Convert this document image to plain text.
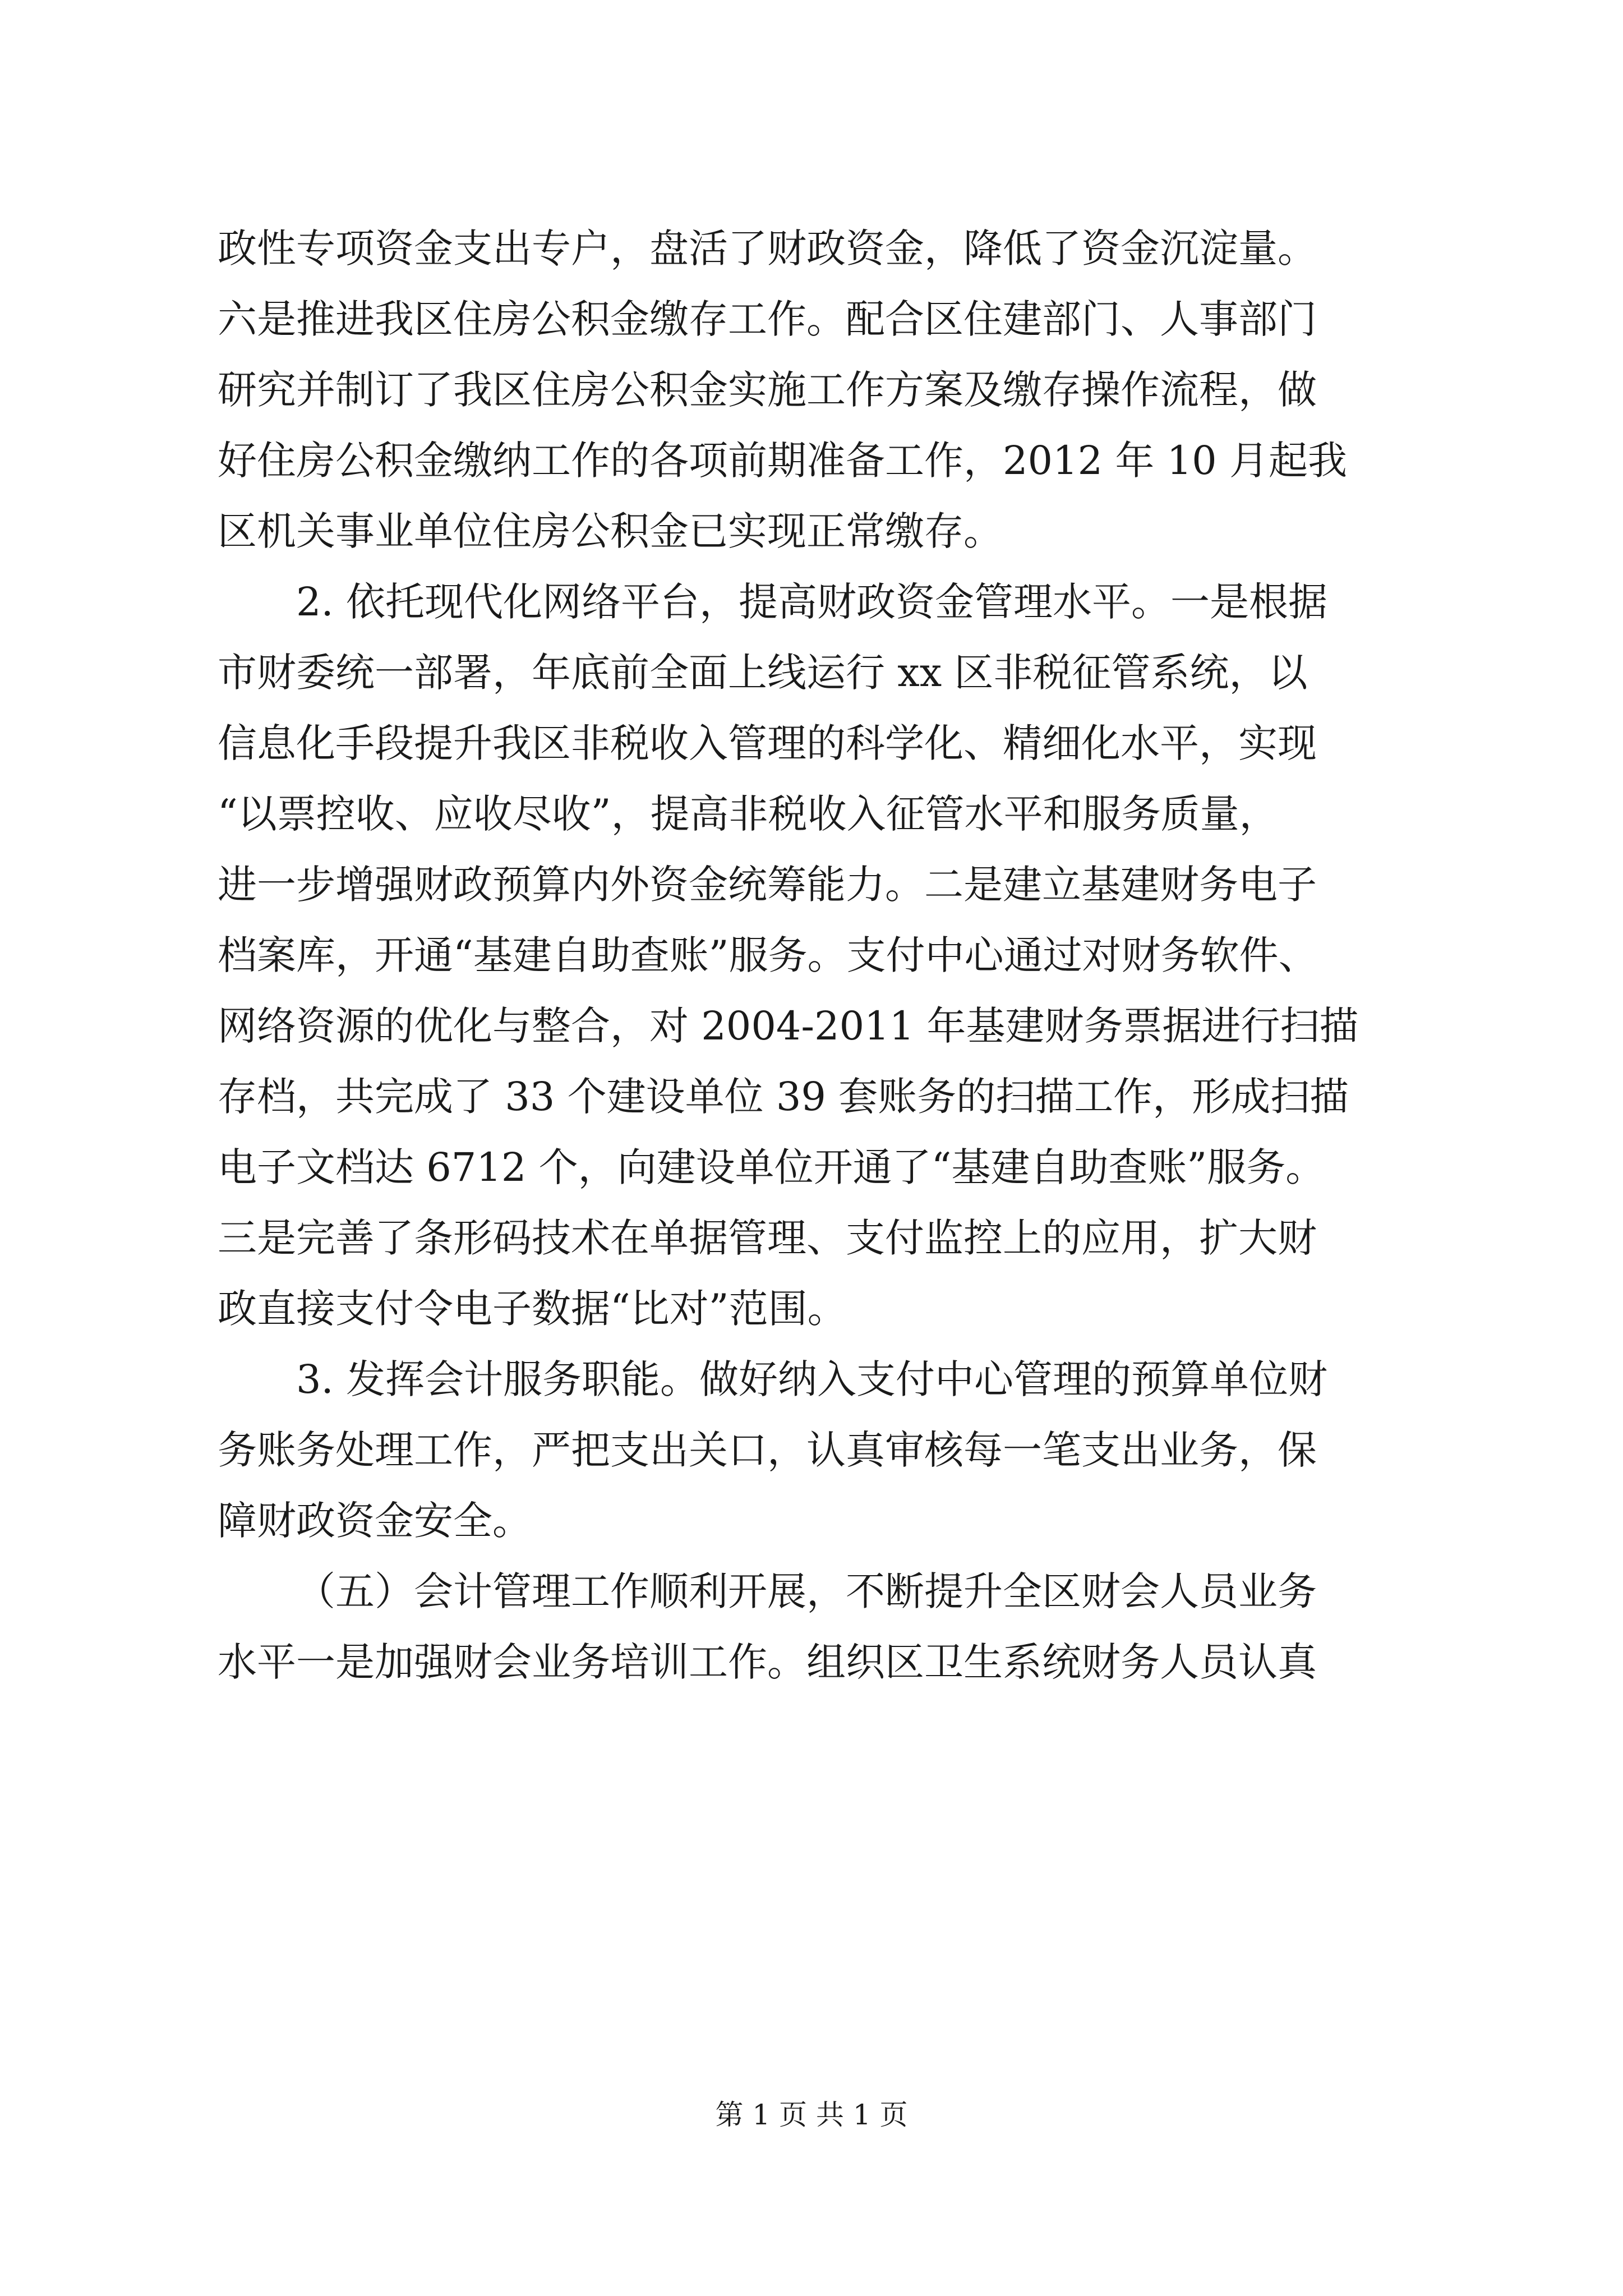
政性专项资金支出专户，盘活了财政资金，降低了资金沉淀量。
六是推进我区住房公积金缴存工作。配合区住建部门、人事部门
研究并制订了我区住房公积金实施工作方案及缴存操作流程，做
好住房公积金缴纳工作的各项前期准备工作，2012 年 10 月起我
区机关事业单位住房公积金已实现正常缴存。
2. 依托现代化网络平台，提高财政资金管理水平。一是根据
市财委统一部署，年底前全面上线运行 xx 区非税征管系统，以
信息化手段提升我区非税收入管理的科学化、精细化水平，实现
“以票控收、应收尽收”，提高非税收入征管水平和服务质量，
进一步增强财政预算内外资金统筹能力。二是建立基建财务电子
档案库，开通“基建自助查账”服务。支付中心通过对财务软件、
网络资源的优化与整合，对 2004-2011 年基建财务票据进行扫描
存档，共完成了 33 个建设单位 39 套账务的扫描工作，形成扫描
电子文档达 6712 个，向建设单位开通了“基建自助查账”服务。
三是完善了条形码技术在单据管理、支付监控上的应用，扩大财
政直接支付令电子数据“比对”范围。
3. 发挥会计服务职能。做好纳入支付中心管理的预算单位财
务账务处理工作，严把支出关口，认真审核每一笔支出业务，保
障财政资金安全。
（五）会计管理工作顺利开展，不断提升全区财会人员业务
水平一是加强财会业务培训工作。组织区卫生系统财务人员认真
第 1 页 共 1 页
